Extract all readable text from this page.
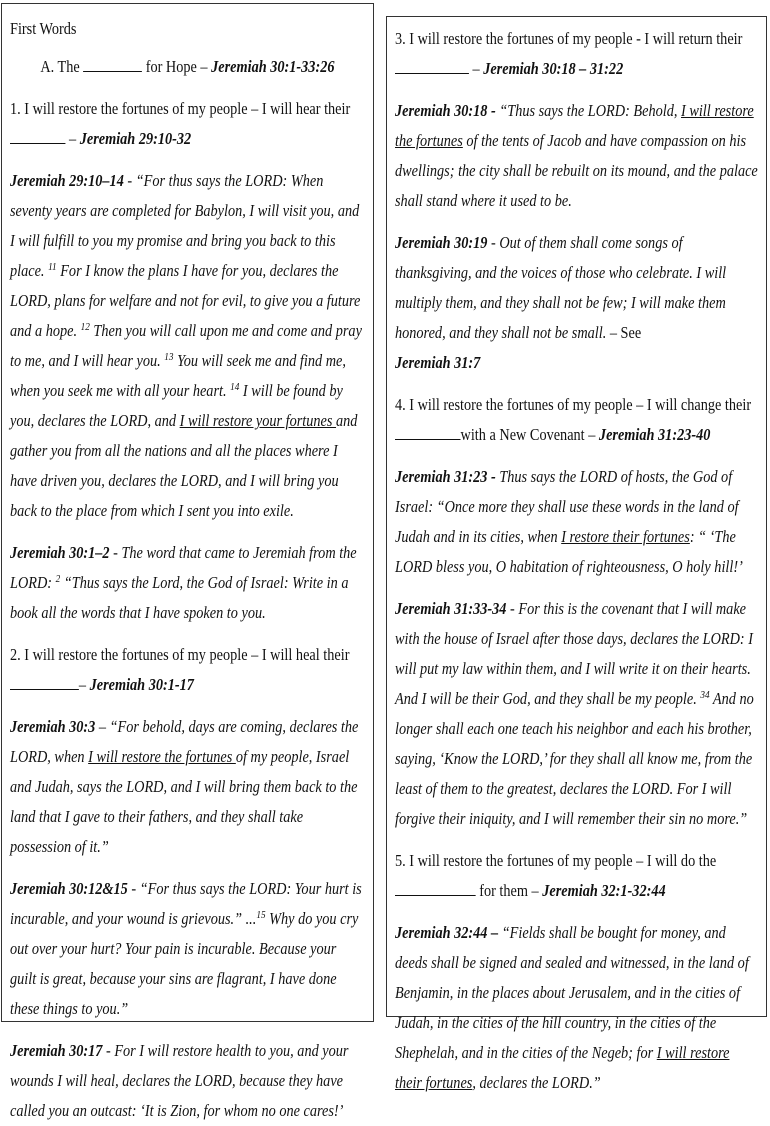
First Words
A. The	for Hope – Jeremiah 30:1-33:26
1. I will restore the fortunes of my people – I will hear their
– Jeremiah 29:10-32
Jeremiah 29:10–14 - “For thus says the LORD: When seventy years are completed for Babylon, I will visit you, and I will fulfill to you my promise and bring you back to this place. $^{11}$ For I know the plans I have for you, declares the LORD, plans for welfare and not for evil, to give you a future and a hope. $^{12}$ Then you will call upon me and come and pray to me, and I will hear you. $^{13}$ You will seek me and find me, when you seek me with all your heart. $^{14}$ I will be found by you, declares the LORD, and I will restore your fortunes and gather you from all the nations and all the places where I have driven you, declares the LORD, and I will bring you back to the place from which I sent you into exile.
Jeremiah 30:1–2 - The word that came to Jeremiah from the LORD: $^2$ “Thus says the Lord, the God of Israel: Write in a book all the words that I have spoken to you.
2. I will restore the fortunes of my people – I will heal their
– Jeremiah 30:1-17
Jeremiah 30:3 – “For behold, days are coming, declares the LORD, when I will restore the fortunes of my people, Israel and Judah, says the LORD, and I will bring them back to the land that I gave to their fathers, and they shall take possession of it.”
Jeremiah 30:12&15 - “For thus says the LORD: Your hurt is incurable, and your wound is grievous.” ...$^{15}$ Why do you cry out over your hurt? Your pain is incurable. Because your guilt is great, because your sins are flagrant, I have done these things to you.”
Jeremiah 30:17 - For I will restore health to you, and your wounds I will heal, declares the LORD, because they have called you an outcast: ‘It is Zion, for whom no one cares!’
3. I will restore the fortunes of my people - I will return their
– Jeremiah 30:18 – 31:22
Jeremiah 30:18 - “Thus says the LORD: Behold, I will restore the fortunes of the tents of Jacob and have compassion on his dwellings; the city shall be rebuilt on its mound, and the palace shall stand where it used to be.
Jeremiah 30:19 - Out of them shall come songs of thanksgiving, and the voices of those who celebrate. I will multiply them, and they shall not be few; I will make them honored, and they shall not be small. – See
Jeremiah 31:7
4. I will restore the fortunes of my people – I will change their
with a New Covenant – Jeremiah 31:23-40
Jeremiah 31:23 - Thus says the LORD of hosts, the God of Israel: “Once more they shall use these words in the land of Judah and in its cities, when I restore their fortunes: “ ‘The LORD bless you, O habitation of righteousness, O holy hill!’
Jeremiah 31:33-34 - For this is the covenant that I will make with the house of Israel after those days, declares the LORD: I will put my law within them, and I will write it on their hearts. And I will be their God, and they shall be my people. $^{34}$ And no longer shall each one teach his neighbor and each his brother, saying, ‘Know the LORD,’ for they shall all know me, from the least of them to the greatest, declares the LORD. For I will forgive their iniquity, and I will remember their sin no more.”
5. I will restore the fortunes of my people – I will do the
for them – Jeremiah 32:1-32:44
Jeremiah 32:44 – “Fields shall be bought for money, and deeds shall be signed and sealed and witnessed, in the land of Benjamin, in the places about Jerusalem, and in the cities of Judah, in the cities of the hill country, in the cities of the Shephelah, and in the cities of the Negeb; for I will restore their fortunes, declares the LORD.”
